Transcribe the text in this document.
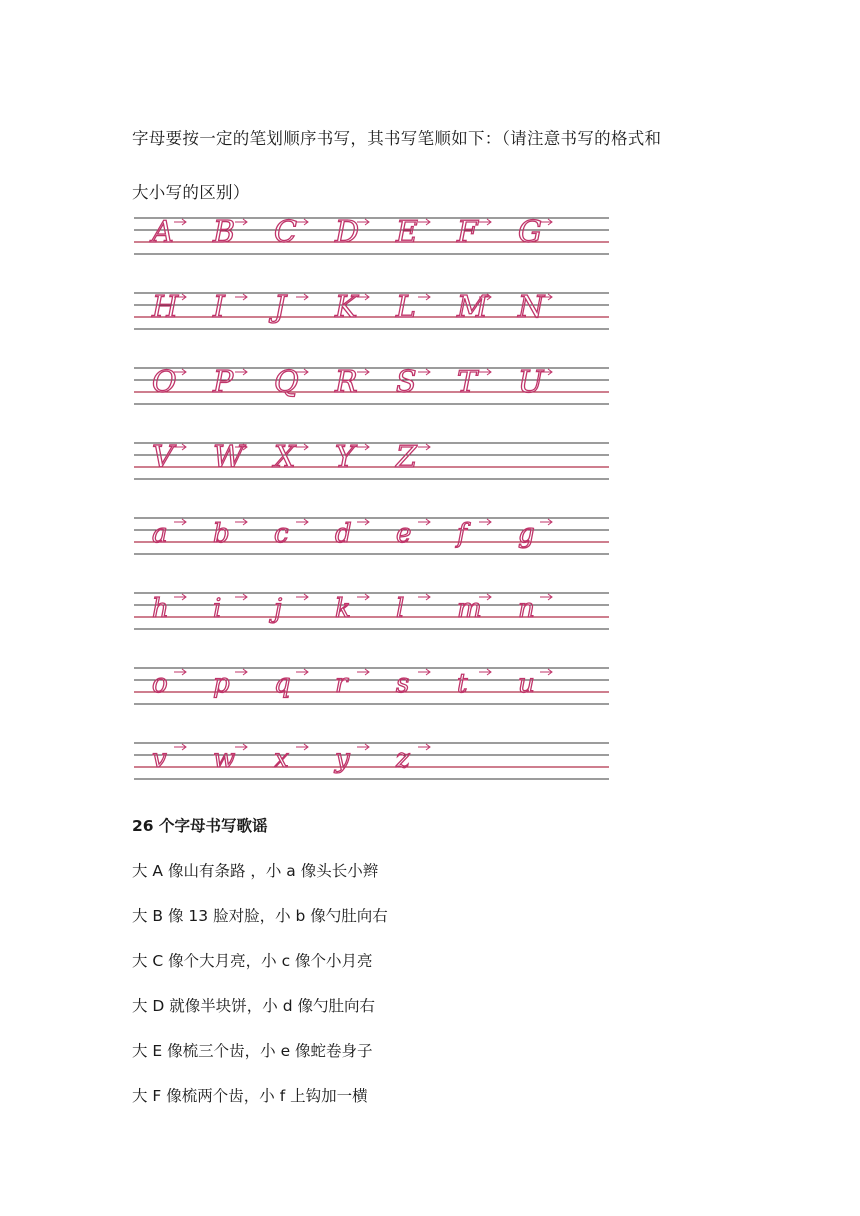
字母要按一定的笔划顺序书写，其书写笔顺如下：（请注意书写的格式和

大小写的区别）

A B C D E F G
H I J K L M N
O P Q R S T U
V W X Y Z
a b c d e f g
h i j k l m n
o p q r s t u
v w x y z
26 个字母书写歌谣
大 A 像山有条路 ，小 a 像头长小辫
大 B 像 13 脸对脸，小 b 像勺肚向右
大 C 像个大月亮，小 c 像个小月亮
大 D 就像半块饼，小 d 像勺肚向右
大 E 像梳三个齿，小 e 像蛇卷身子
大 F 像梳两个齿，小 f 上钩加一横
